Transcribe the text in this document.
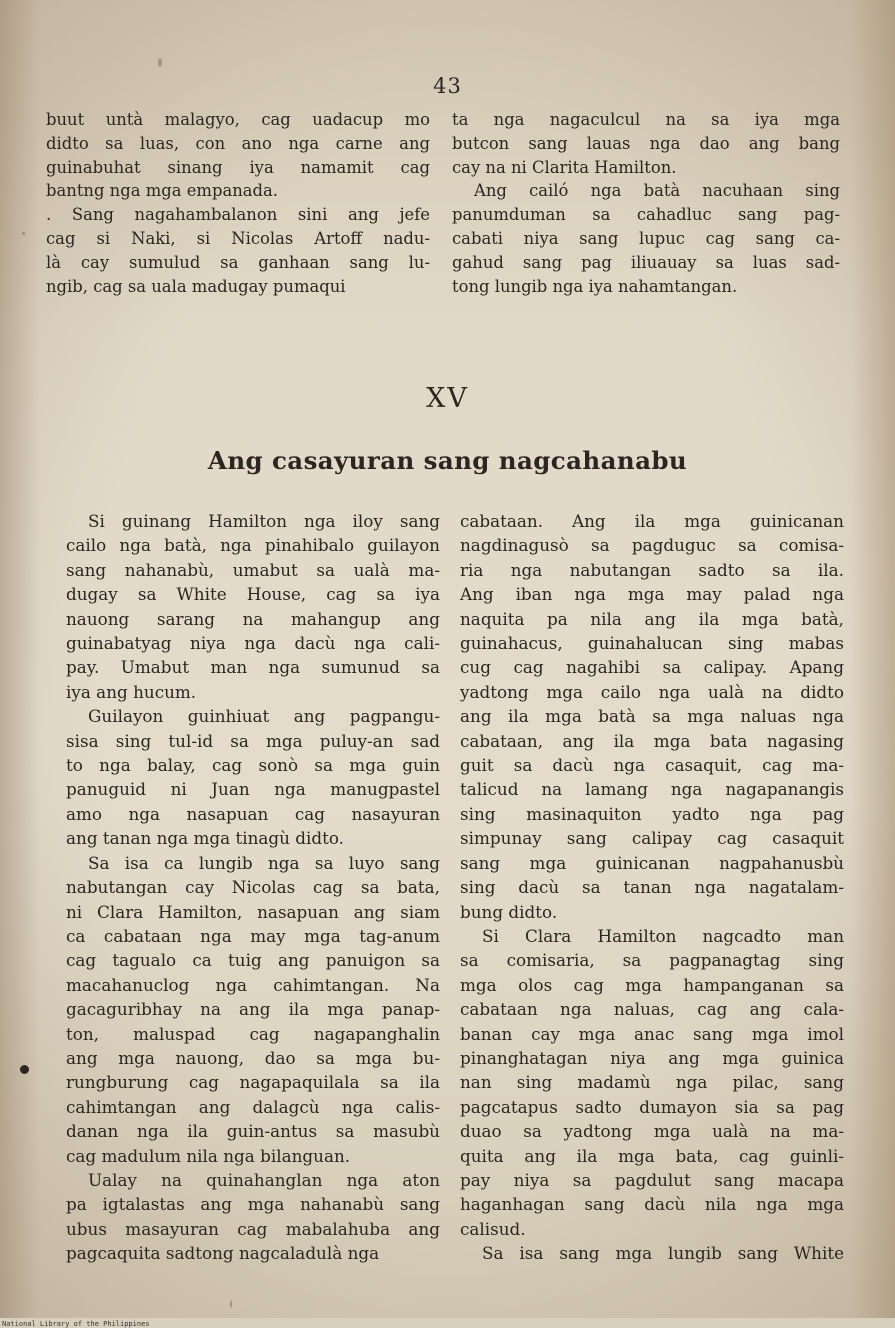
43
buut untà malagyo, cag uadacup mo
didto sa luas, con ano nga carne ang
guinabuhat sinang iya namamit cag
bantng nga mga empanada.
. Sang nagahambalanon sini ang jefe
cag si Naki, si Nicolas Artoff nadu-
là cay sumulud sa ganhaan sang lu-
ngib, cag sa uala madugay pumaqui
ta nga nagaculcul na sa iya mga
butcon sang lauas nga dao ang bang
cay na ni Clarita Hamilton.
Ang cailó nga batà nacuhaan sing
panumduman sa cahadluc sang pag-
cabati niya sang lupuc cag sang ca-
gahud sang pag iliuauay sa luas sad-
tong lungib nga iya nahamtangan.
XV
Ang casayuran sang nagcahanabu
Si guinang Hamilton nga iloy sang
cailo nga batà, nga pinahibalo guilayon
sang nahanabù, umabut sa ualà ma-
dugay sa White House, cag sa iya
nauong sarang na mahangup ang
guinabatyag niya nga dacù nga cali-
pay. Umabut man nga sumunud sa
iya ang hucum.
Guilayon guinhiuat ang pagpangu-
sisa sing tul-id sa mga puluy-an sad
to nga balay, cag sonò sa mga guin
panuguid ni Juan nga manugpastel
amo nga nasapuan cag nasayuran
ang tanan nga mga tinagù didto.
Sa isa ca lungib nga sa luyo sang
nabutangan cay Nicolas cag sa bata,
ni Clara Hamilton, nasapuan ang siam
ca cabataan nga may mga tag-anum
cag tagualo ca tuig ang panuigon sa
macahanuclog nga cahimtangan. Na
gacaguribhay na ang ila mga panap-
ton, maluspad cag nagapanghalin
ang mga nauong, dao sa mga bu-
rungburung cag nagapaquilala sa ila
cahimtangan ang dalagcù nga calis-
danan nga ila guin-antus sa masubù
cag madulum nila nga bilanguan.
Ualay na quinahanglan nga aton
pa igtalastas ang mga nahanabù sang
ubus masayuran cag mabalahuba ang
pagcaquita sadtong nagcaladulà nga
cabataan. Ang ila mga guinicanan
nagdinagusò sa pagduguc sa comisa-
ria nga nabutangan sadto sa ila.
Ang iban nga mga may palad nga
naquita pa nila ang ila mga batà,
guinahacus, guinahalucan sing mabas
cug cag nagahibi sa calipay. Apang
yadtong mga cailo nga ualà na didto
ang ila mga batà sa mga naluas nga
cabataan, ang ila mga bata nagasing
guit sa dacù nga casaquit, cag ma-
talicud na lamang nga nagapanangis
sing masinaquiton yadto nga pag
simpunay sang calipay cag casaquit
sang mga guinicanan nagpahanusbù
sing dacù sa tanan nga nagatalam-
bung didto.
Si Clara Hamilton nagcadto man
sa comisaria, sa pagpanagtag sing
mga olos cag mga hampanganan sa
cabataan nga naluas, cag ang cala-
banan cay mga anac sang mga imol
pinanghatagan niya ang mga guinica
nan sing madamù nga pilac, sang
pagcatapus sadto dumayon sia sa pag
duao sa yadtong mga ualà na ma-
quita ang ila mga bata, cag guinli-
pay niya sa pagdulut sang macapa
haganhagan sang dacù nila nga mga
calisud.
Sa isa sang mga lungib sang White
National Library of the Philippines
